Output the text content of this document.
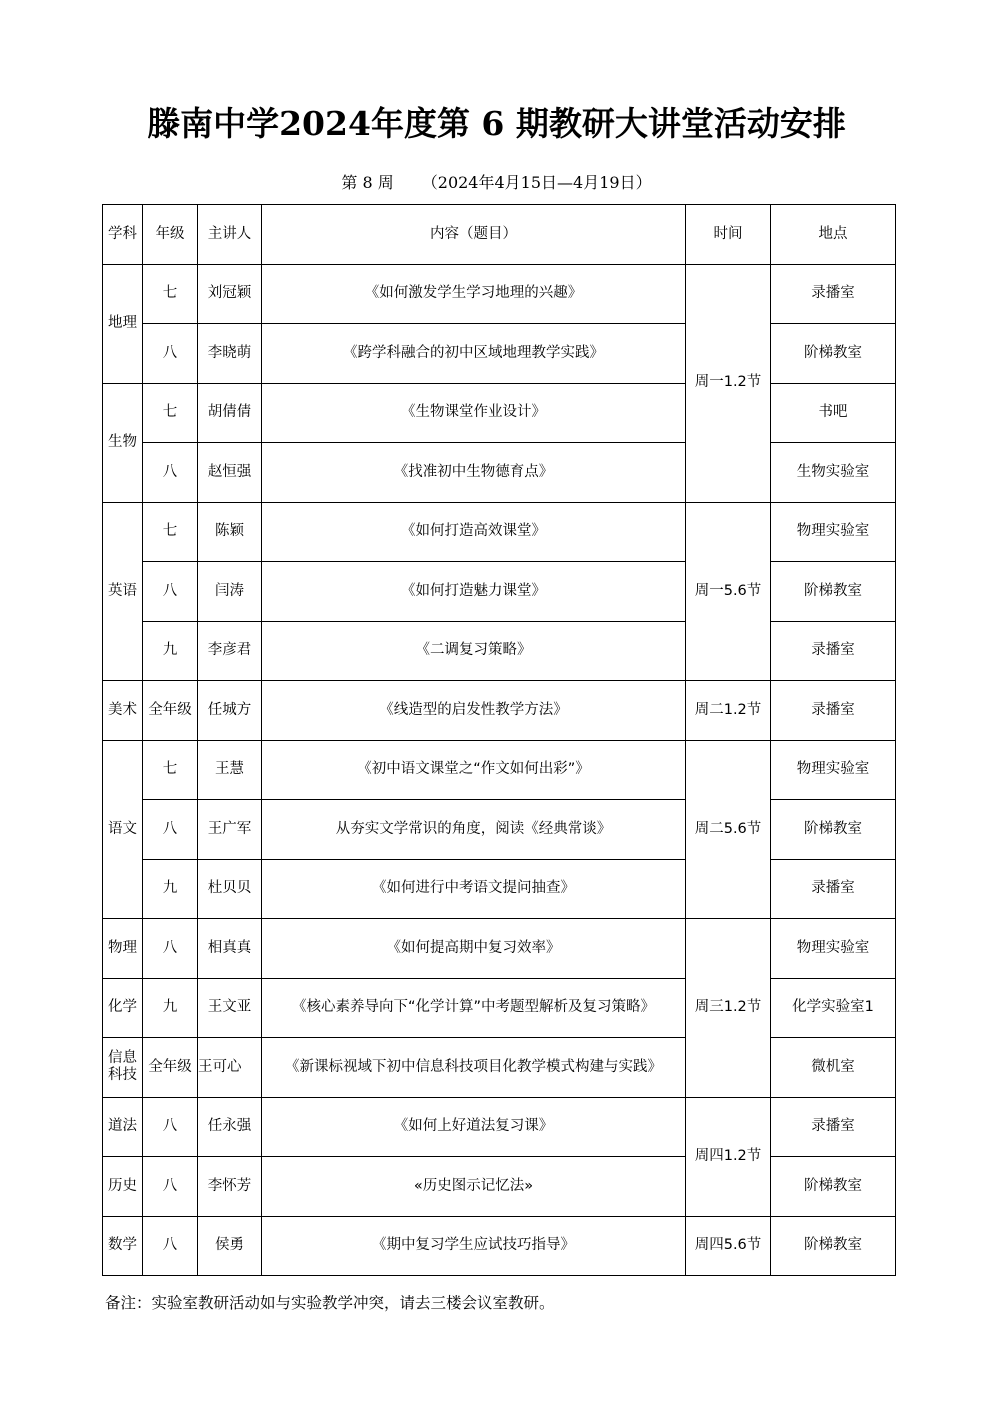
滕南中学2024年度第 6 期教研大讲堂活动安排
第 8 周 （2024年4月15日—4月19日）
学科	年级	主讲人	内容（题目）	时间	地点
地理	七	刘冠颖	《如何激发学生学习地理的兴趣》	周一1.2节	录播室
	八	李晓萌	《跨学科融合的初中区域地理教学实践》		阶梯教室
生物	七	胡倩倩	《生物课堂作业设计》		书吧
	八	赵恒强	《找准初中生物德育点》		生物实验室
英语	七	陈颖	《如何打造高效课堂》	周一5.6节	物理实验室
	八	闫涛	《如何打造魅力课堂》		阶梯教室
	九	李彦君	《二调复习策略》		录播室
美术	全年级	任城方	《线造型的启发性教学方法》	周二1.2节	录播室
语文	七	王慧	《初中语文课堂之“作文如何出彩”》	周二5.6节	物理实验室
	八	王广军	从夯实文学常识的角度，阅读《经典常谈》		阶梯教室
	九	杜贝贝	《如何进行中考语文提问抽查》		录播室
物理	八	相真真	《如何提高期中复习效率》	周三1.2节	物理实验室
化学	九	王文亚	《核心素养导向下“化学计算”中考题型解析及复习策略》		化学实验室1
信息
科技	全年级	王可心	《新课标视域下初中信息科技项目化教学模式构建与实践》		微机室
道法	八	任永强	《如何上好道法复习课》	周四1.2节	录播室
历史	八	李怀芳	«历史图示记忆法»		阶梯教室
数学	八	侯勇	《期中复习学生应试技巧指导》	周四5.6节	阶梯教室
备注：实验室教研活动如与实验教学冲突，请去三楼会议室教研。
